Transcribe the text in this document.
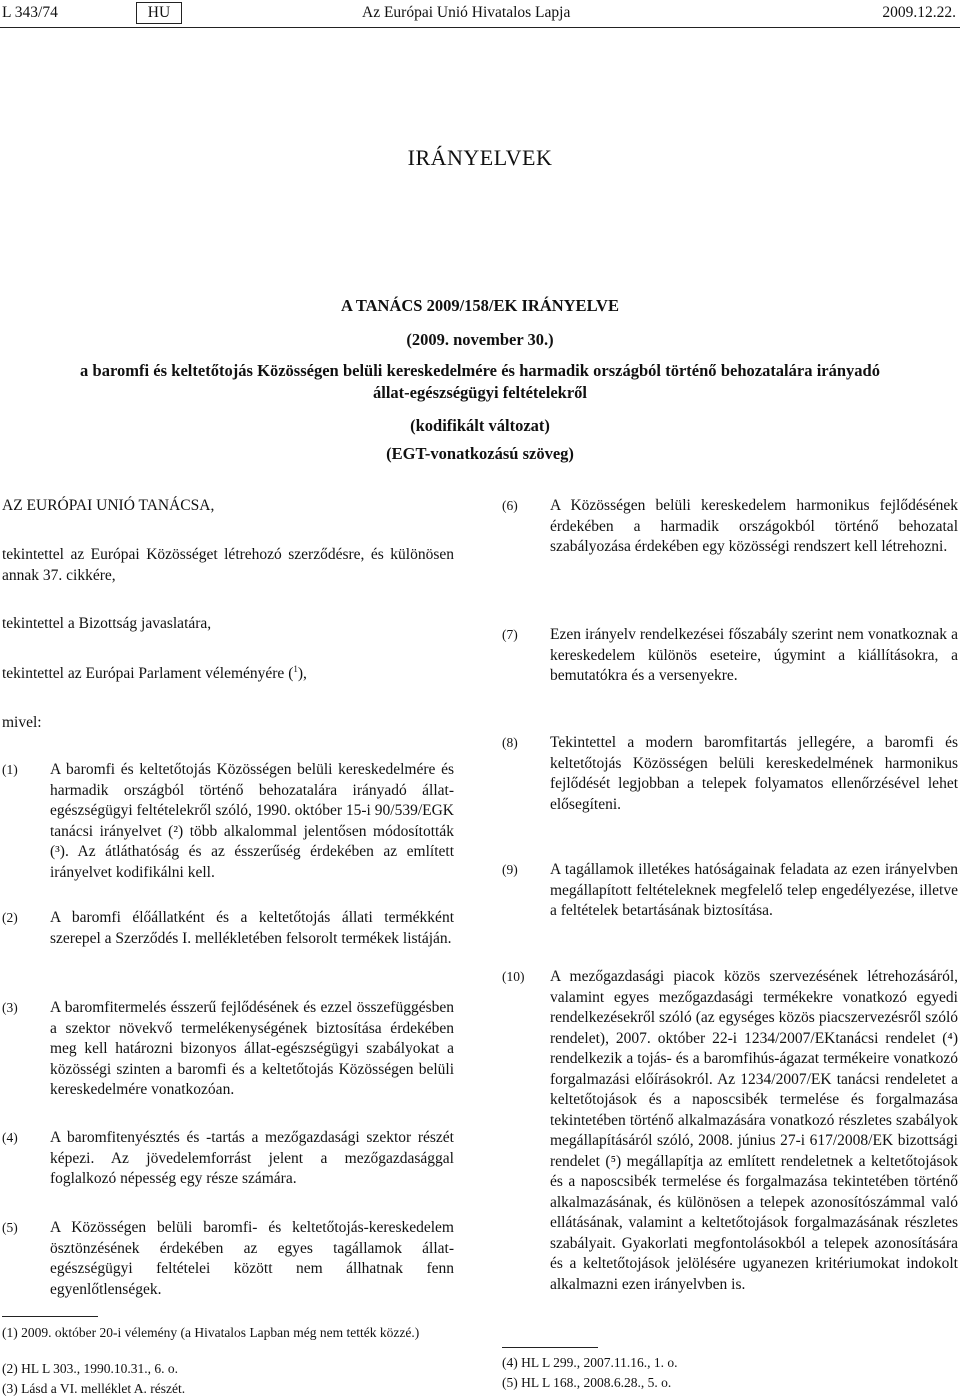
L 343/74	HU	Az Európai Unió Hivatalos Lapja	2009.12.22.
IRÁNYELVEK
A TANÁCS 2009/158/EK IRÁNYELVE
(2009. november 30.)
a baromfi és keltetőtojás Közösségen belüli kereskedelmére és harmadik országból történő behozatalára irányadó állat-egészségügyi feltételekről
(kodifikált változat)
(EGT-vonatkozású szöveg)
AZ EURÓPAI UNIÓ TANÁCSA,

tekintettel az Európai Közösséget létrehozó szerződésre, és különösen annak 37. cikkére,

tekintettel a Bizottság javaslatára,
tekintettel az Európai Parlament véleményére ($^1$),
mivel:
(1) A baromfi és keltetőtojás Közösségen belüli kereskedelmére és harmadik országból történő behozatalára irányadó állat-egészségügyi feltételekről szóló, 1990. október 15-i 90/539/EGK tanácsi irányelvet (²) több alkalommal jelentősen módosították (³). Az átláthatóság és az ésszerűség érdekében az említett irányelvet kodifikálni kell.
(2) A baromfi élőállatként és a keltetőtojás állati termékként szerepel a Szerződés I. mellékletében felsorolt termékek listáján.
(3) A baromfitermelés ésszerű fejlődésének és ezzel összefüggésben a szektor növekvő termelékenységének biztosítása érdekében meg kell határozni bizonyos állat-egészségügyi szabályokat a közösségi szinten a baromfi és a keltetőtojás Közösségen belüli kereskedelmére vonatkozóan.
(4) A baromfitenyésztés és -tartás a mezőgazdasági szektor részét képezi. Az jövedelemforrást jelent a mezőgazdasággal foglalkozó népesség egy része számára.
(5) A Közösségen belüli baromfi- és keltetőtojás-kereskedelem ösztönzésének érdekében az egyes tagállamok állat-egészségügyi feltételei között nem állhatnak fenn egyenlőtlenségek.
(6) A Közösségen belüli kereskedelem harmonikus fejlődésének érdekében a harmadik országokból történő behozatal szabályozása érdekében egy közösségi rendszert kell létrehozni.
(7) Ezen irányelv rendelkezései főszabály szerint nem vonatkoznak a kereskedelem különös eseteire, úgymint a kiállításokra, a bemutatókra és a versenyekre.
(8) Tekintettel a modern baromfitartás jellegére, a baromfi és keltetőtojás Közösségen belüli kereskedelmének harmonikus fejlődését legjobban a telepek folyamatos ellenőrzésével lehet elősegíteni.
(9) A tagállamok illetékes hatóságainak feladata az ezen irányelvben megállapított feltételeknek megfelelő telep engedélyezése, illetve a feltételek betartásának biztosítása.
(10) A mezőgazdasági piacok közös szervezésének létrehozásáról, valamint egyes mezőgazdasági termékekre vonatkozó egyedi rendelkezésekről szóló (az egységes közös piacszervezésről szóló rendelet), 2007. október 22-i 1234/2007/EKtanácsi rendelet (⁴) rendelkezik a tojás- és a baromfihús-ágazat termékeire vonatkozó forgalmazási előírásokról. Az 1234/2007/EK tanácsi rendeletet a keltetőtojások és a naposcsibék termelése és forgalmazása tekintetében történő alkalmazására vonatkozó részletes szabályok megállapításáról szóló, 2008. június 27-i 617/2008/EK bizottsági rendelet (⁵) megállapítja az említett rendeletnek a keltetőtojások és a naposcsibék termelése és forgalmazása tekintetében történő alkalmazásának, és különösen a telepek azonosítószámmal való ellátásának, valamint a keltetőtojások forgalmazásának részletes szabályait. Gyakorlati megfontolásokból a telepek azonosítására és a keltetőtojások jelölésére ugyanezen kritériumokat indokolt alkalmazni ezen irányelvben is.
(1) 2009. október 20-i vélemény (a Hivatalos Lapban még nem tették közzé.)
(2) HL L 303., 1990.10.31., 6. o.
(3) Lásd a VI. melléklet A. részét.
(4) HL L 299., 2007.11.16., 1. o.
(5) HL L 168., 2008.6.28., 5. o.
